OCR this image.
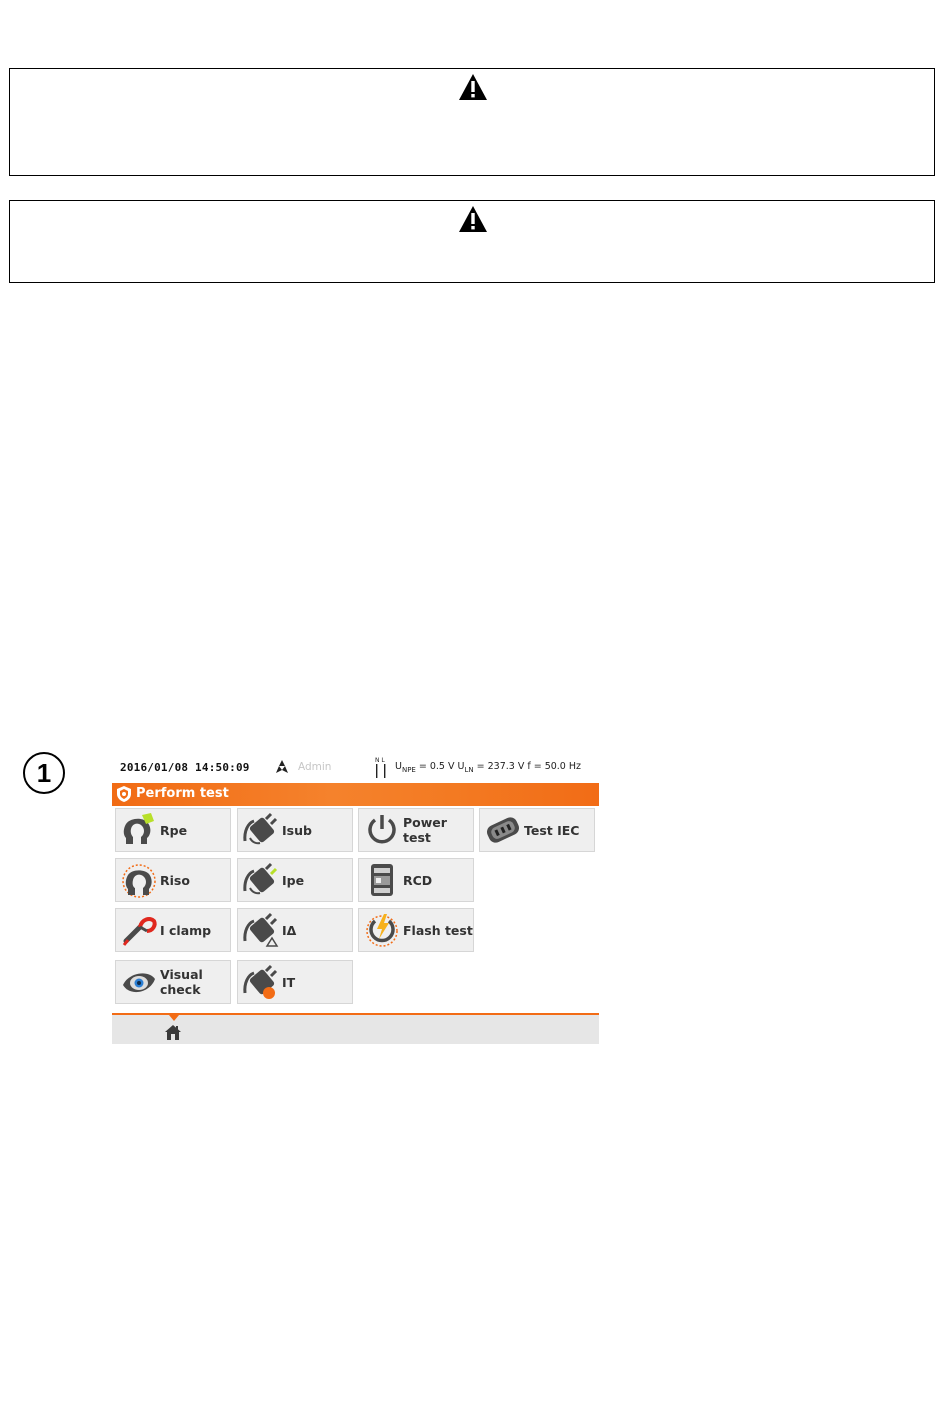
1	2016/01/08 14:50:09	Admin
N L
$U_{NPE} = 0.5$ V $U_{LN} = 237.3$ V f = 50.0 Hz
Perform test
Rpe	Isub	Power test	Test IEC
Riso	Ipe	RCD
I clamp	IΔ	Flash test
Visual check	IT
